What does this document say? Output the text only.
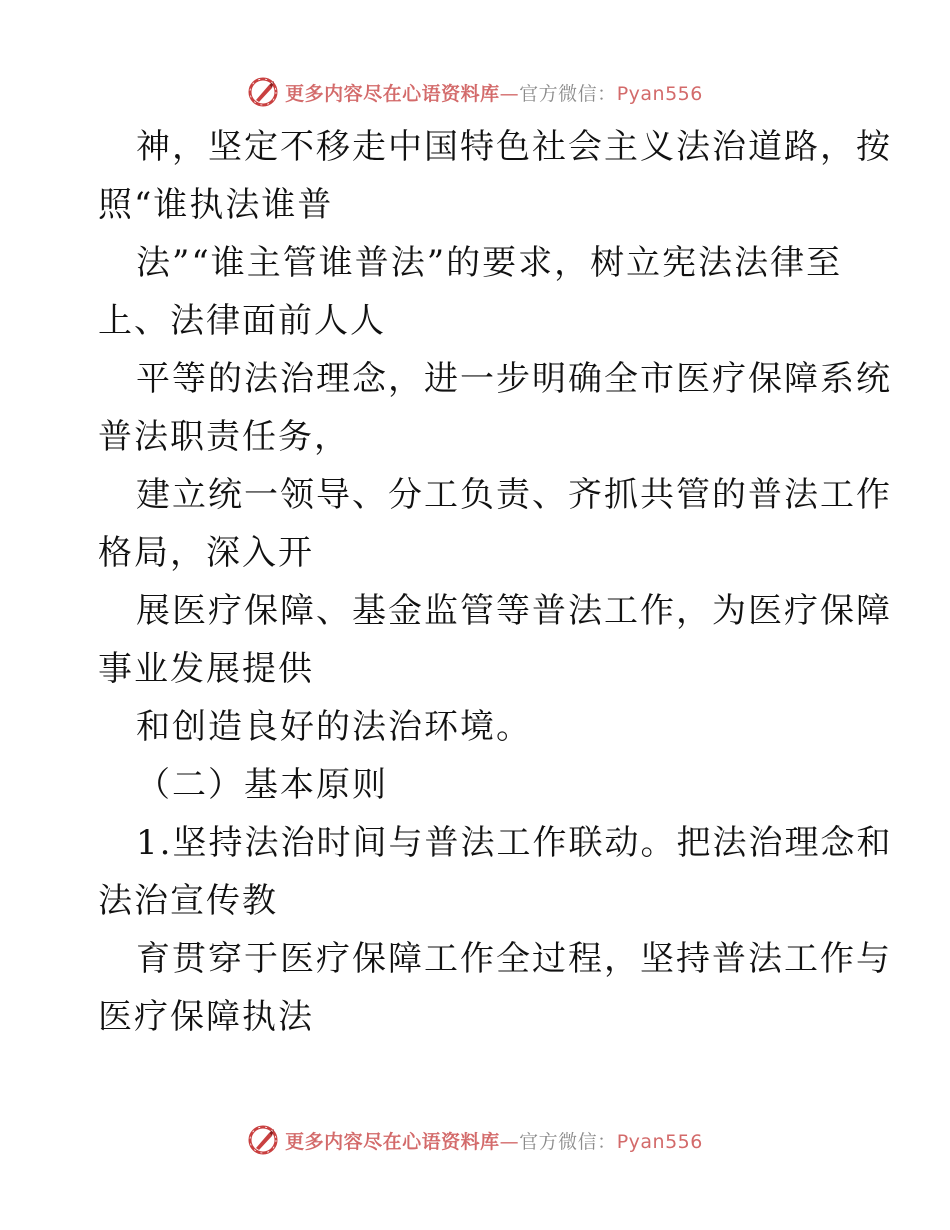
更多内容尽在心语资料库—官方微信：Pyan556
神，坚定不移走中国特色社会主义法治道路，按
照“谁执法谁普
法”“谁主管谁普法”的要求，树立宪法法律至
上、法律面前人人
平等的法治理念，进一步明确全市医疗保障系统
普法职责任务，
建立统一领导、分工负责、齐抓共管的普法工作
格局，深入开
展医疗保障、基金监管等普法工作，为医疗保障
事业发展提供
和创造良好的法治环境。
（二）基本原则
1.坚持法治时间与普法工作联动。把法治理念和
法治宣传教
育贯穿于医疗保障工作全过程，坚持普法工作与
医疗保障执法
更多内容尽在心语资料库—官方微信：Pyan556
